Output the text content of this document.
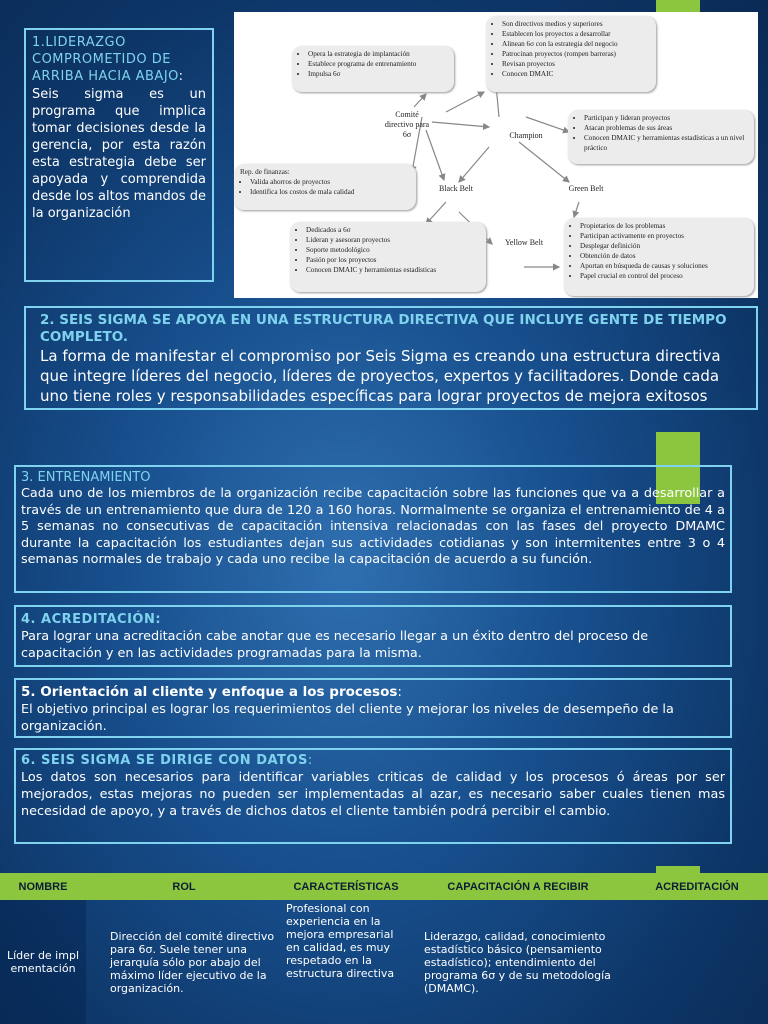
1.LIDERAZGO COMPROMETIDO DE ARRIBA HACIA ABAJO:

Seis sigma es un programa que implica tomar decisiones desde la gerencia, por esta razón esta estrategia debe ser apoyada y comprendida desde los altos mandos de la organización

• Opera la estrategia de implantación
• Establece programa de entrenamiento
• Impulsa 6σ
• Son directivos medios y superiores
• Establecen los proyectos a desarrollar
• Alinean 6σ con la estrategia del negocio
• Patrocinan proyectos (rompen barreras)
• Revisan proyectos
• Conocen DMAIC
Rep. de finanzas:
• Valida ahorros de proyectos
• Identifica los costos de mala calidad
• Participan y lideran proyectos
• Atacan problemas de sus áreas
• Conocen DMAIC y herramientas estadísticas a un nivel práctico
• Dedicados a 6σ
• Lideran y asesoran proyectos
• Soporte metodológico
• Pasión por los proyectos
• Conocen DMAIC y herramientas estadísticas
• Propietarios de los problemas
• Participan activamente en proyectos
• Desplegar definición
• Obtención de datos
• Aportan en búsqueda de causas y soluciones
• Papel crucial en control del proceso
Comité directivo para 6σ	Champion
Black Belt	Green Belt
Yellow Belt

2. SEIS SIGMA SE APOYA EN UNA ESTRUCTURA DIRECTIVA QUE INCLUYE GENTE DE TIEMPO COMPLETO.

La forma de manifestar el compromiso por Seis Sigma es creando una estructura directiva que integre líderes del negocio, líderes de proyectos, expertos y facilitadores. Donde cada uno tiene roles y responsabilidades específicas para lograr proyectos de mejora exitosos

3. ENTRENAMIENTO

Cada uno de los miembros de la organización recibe capacitación sobre las funciones que va a desarrollar a través de un entrenamiento que dura de 120 a 160 horas. Normalmente se organiza el entrenamiento de 4 a 5 semanas no consecutivas de capacitación intensiva relacionadas con las fases del proyecto DMAMC durante la capacitación los estudiantes dejan sus actividades cotidianas y son intermitentes entre 3 o 4 semanas normales de trabajo y cada uno recibe la capacitación de acuerdo a su función.

4. ACREDITACIÓN:

Para lograr una acreditación cabe anotar que es necesario llegar a un éxito dentro del proceso de capacitación y en las actividades programadas para la misma.

5. Orientación al cliente y enfoque a los procesos:

El objetivo principal es lograr los requerimientos del cliente y mejorar los niveles de desempeño de la organización.

6. SEIS SIGMA SE DIRIGE CON DATOS:

Los datos son necesarios para identificar variables criticas de calidad y los procesos ó áreas por ser mejorados, estas mejoras no pueden ser implementadas al azar, es necesario saber cuales tienen mas necesidad de apoyo, y a través de dichos datos el cliente también podrá percibir el cambio.

NOMBRE	ROL	CARACTERÍSTICAS	CAPACITACIÓN A RECIBIR	ACREDITACIÓN
Líder de implementación	Dirección del comité directivo para 6σ. Suele tener una jerarquía sólo por abajo del máximo líder ejecutivo de la organización.	Profesional con experiencia en la mejora empresarial en calidad, es muy respetado en la estructura directiva	Liderazgo, calidad, conocimiento estadístico básico (pensamiento estadístico); entendimiento del programa 6σ y de su metodología (DMAMC).	
